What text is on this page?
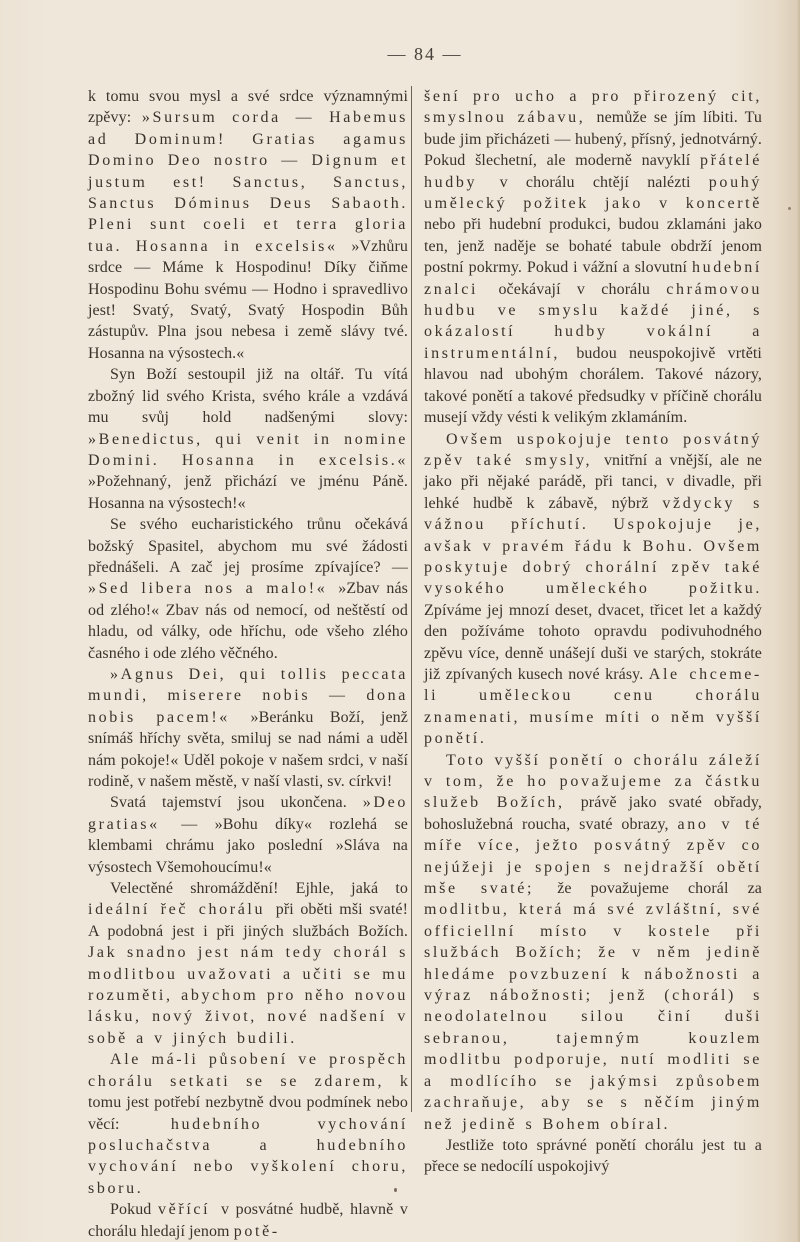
— 84 —

k tomu svou mysl a své srdce významnými zpěvy: »Sursum corda — Habemus ad Dominum! Gratias agamus Domino Deo nostro — Dignum et justum est! Sanctus, Sanctus, Sanctus Dóminus Deus Sabaoth. Pleni sunt coeli et terra gloria tua. Hosanna in excelsis« »Vzhůru srdce — Máme k Hospodinu! Díky čiňme Hospodinu Bohu svému — Hodno i spravedlivo jest! Svatý, Svatý, Svatý Hospodin Bůh zástupův. Plna jsou nebesa i země slávy tvé. Hosanna na výsostech.«

Syn Boží sestoupil již na oltář. Tu vítá zbožný lid svého Krista, svého krále a vzdává mu svůj hold nadšenými slovy: »Benedictus, qui venit in nomine Domini. Hosanna in excelsis.« »Požehnaný, jenž přichází ve jménu Páně. Hosanna na výsostech!«

Se svého eucharistického trůnu očekává božský Spasitel, abychom mu své žádosti přednášeli. A zač jej prosíme zpívajíce? — »Sed libera nos a malo!« »Zbav nás od zlého!« Zbav nás od nemocí, od neštěstí od hladu, od války, ode hříchu, ode všeho zlého časného i ode zlého věčného.

»Agnus Dei, qui tollis peccata mundi, miserere nobis — dona nobis pacem!« »Beránku Boží, jenž snímáš hříchy světa, smiluj se nad námi a uděl nám pokoje!« Uděl pokoje v našem srdci, v naší rodině, v našem městě, v naší vlasti, sv. církvi!

Svatá tajemství jsou ukončena. »Deo gratias« — »Bohu díky« rozlehá se klembami chrámu jako poslední »Sláva na výsostech Všemohoucímu!«

Velectěné shromáždění! Ejhle, jaká to ideální řeč chorálu při oběti mši svaté! A podobná jest i při jiných službách Božích. Jak snadno jest nám tedy chorál s modlitbou uvažovati a učiti se mu rozuměti, abychom pro něho novou lásku, nový život, nové nadšení v sobě a v jiných budili.

Ale má-li působení ve prospěch chorálu setkati se se zdarem, k tomu jest potřebí nezbytně dvou podmínek nebo věcí: hudebního vychování posluchačstva a hudebního vychování nebo vyškolení choru, sboru.

Pokud věřící v posvátné hudbě, hlavně v chorálu hledají jenom potě-

šení pro ucho a pro přirozený cit, smyslnou zábavu, nemůže se jím líbiti. Tu bude jim přicházeti — hubený, přísný, jednotvárný. Pokud šlechetní, ale moderně navyklí přátelé hudby v chorálu chtějí nalézti pouhý umělecký požitek jako v koncertě nebo při hudební produkci, budou zklamáni jako ten, jenž naděje se bohaté tabule obdrží jenom postní pokrmy. Pokud i vážní a slovutní hudební znalci očekávají v chorálu chrámovou hudbu ve smyslu každé jiné, s okázalostí hudby vokální a instrumentální, budou neuspokojivě vrtěti hlavou nad ubohým chorálem. Takové názory, takové ponětí a takové předsudky v příčině chorálu musejí vždy vésti k velikým zklamáním.

Ovšem uspokojuje tento posvátný zpěv také smysly, vnitřní a vnější, ale ne jako při nějaké parádě, při tanci, v divadle, při lehké hudbě k zábavě, nýbrž vždycky s vážnou příchutí. Uspokojuje je, avšak v pravém řádu k Bohu. Ovšem poskytuje dobrý chorální zpěv také vysokého uměleckého požitku. Zpíváme jej mnozí deset, dvacet, třicet let a každý den požíváme tohoto opravdu podivuhodného zpěvu více, denně unášejí duši ve starých, stokráte již zpívaných kusech nové krásy. Ale chceme-li uměleckou cenu chorálu znamenati, musíme míti o něm vyšší ponětí.

Toto vyšší ponětí o chorálu záleží v tom, že ho považujeme za částku služeb Božích, právě jako svaté obřady, bohoslužebná roucha, svaté obrazy, ano v té míře více, ježto posvátný zpěv co nejúžeji je spojen s nejdražší obětí mše svaté; že považujeme chorál za modlitbu, která má své zvláštní, své officiellní místo v kostele při službách Božích; že v něm jedině hledáme povzbuzení k nábožnosti a výraz nábožnosti; jenž (chorál) s neodolatelnou silou činí duši sebranou, tajemným kouzlem modlitbu podporuje, nutí modliti se a modlícího se jakýmsi způsobem zachraňuje, aby se s něčím jiným než jedině s Bohem obíral.

Jestliže toto správné ponětí chorálu jest tu a přece se nedocílí uspokojivý
